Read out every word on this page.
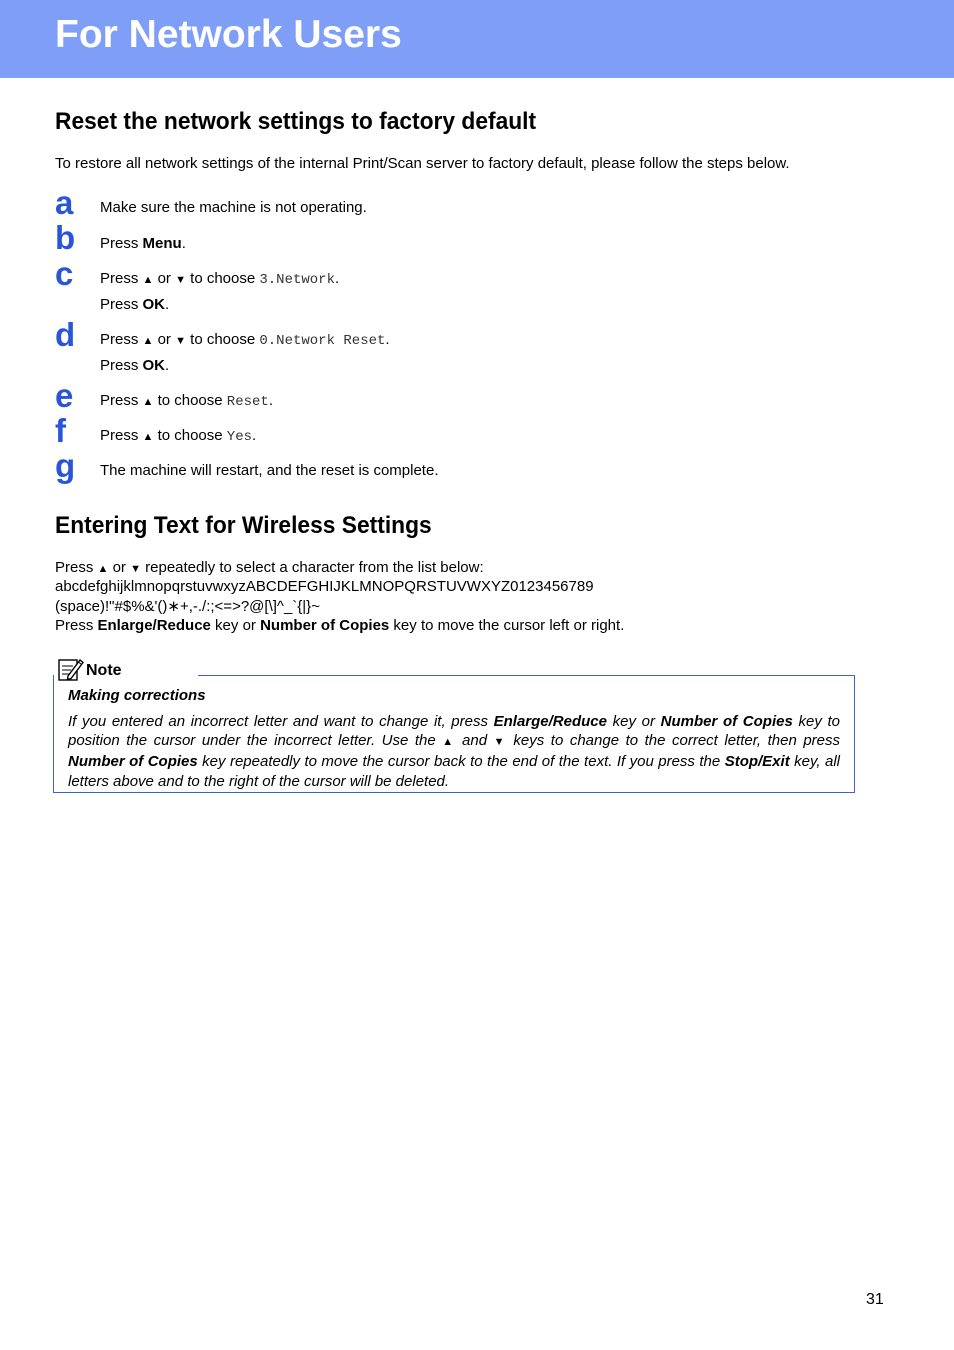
For Network Users
Reset the network settings to factory default
To restore all network settings of the internal Print/Scan server to factory default, please follow the steps below.
a Make sure the machine is not operating.
b Press Menu.
c Press ▲ or ▼ to choose 3.Network.
Press OK.
d Press ▲ or ▼ to choose 0.Network Reset.
Press OK.
e Press ▲ to choose Reset.
f Press ▲ to choose Yes.
g The machine will restart, and the reset is complete.
Entering Text for Wireless Settings
Press ▲ or ▼ repeatedly to select a character from the list below:
abcdefghijklmnopqrstuvwxyzABCDEFGHIJKLMNOPQRSTUVWXYZ0123456789
(space)!"#$%&'()∗+,-./:;<=>?@[\]^_`{|}~
Press Enlarge/Reduce key or Number of Copies key to move the cursor left or right.
Note
Making corrections
If you entered an incorrect letter and want to change it, press Enlarge/Reduce key or Number of Copies key to position the cursor under the incorrect letter. Use the ▲ and ▼ keys to change to the correct letter, then press Number of Copies key repeatedly to move the cursor back to the end of the text. If you press the Stop/Exit key, all letters above and to the right of the cursor will be deleted.
31
